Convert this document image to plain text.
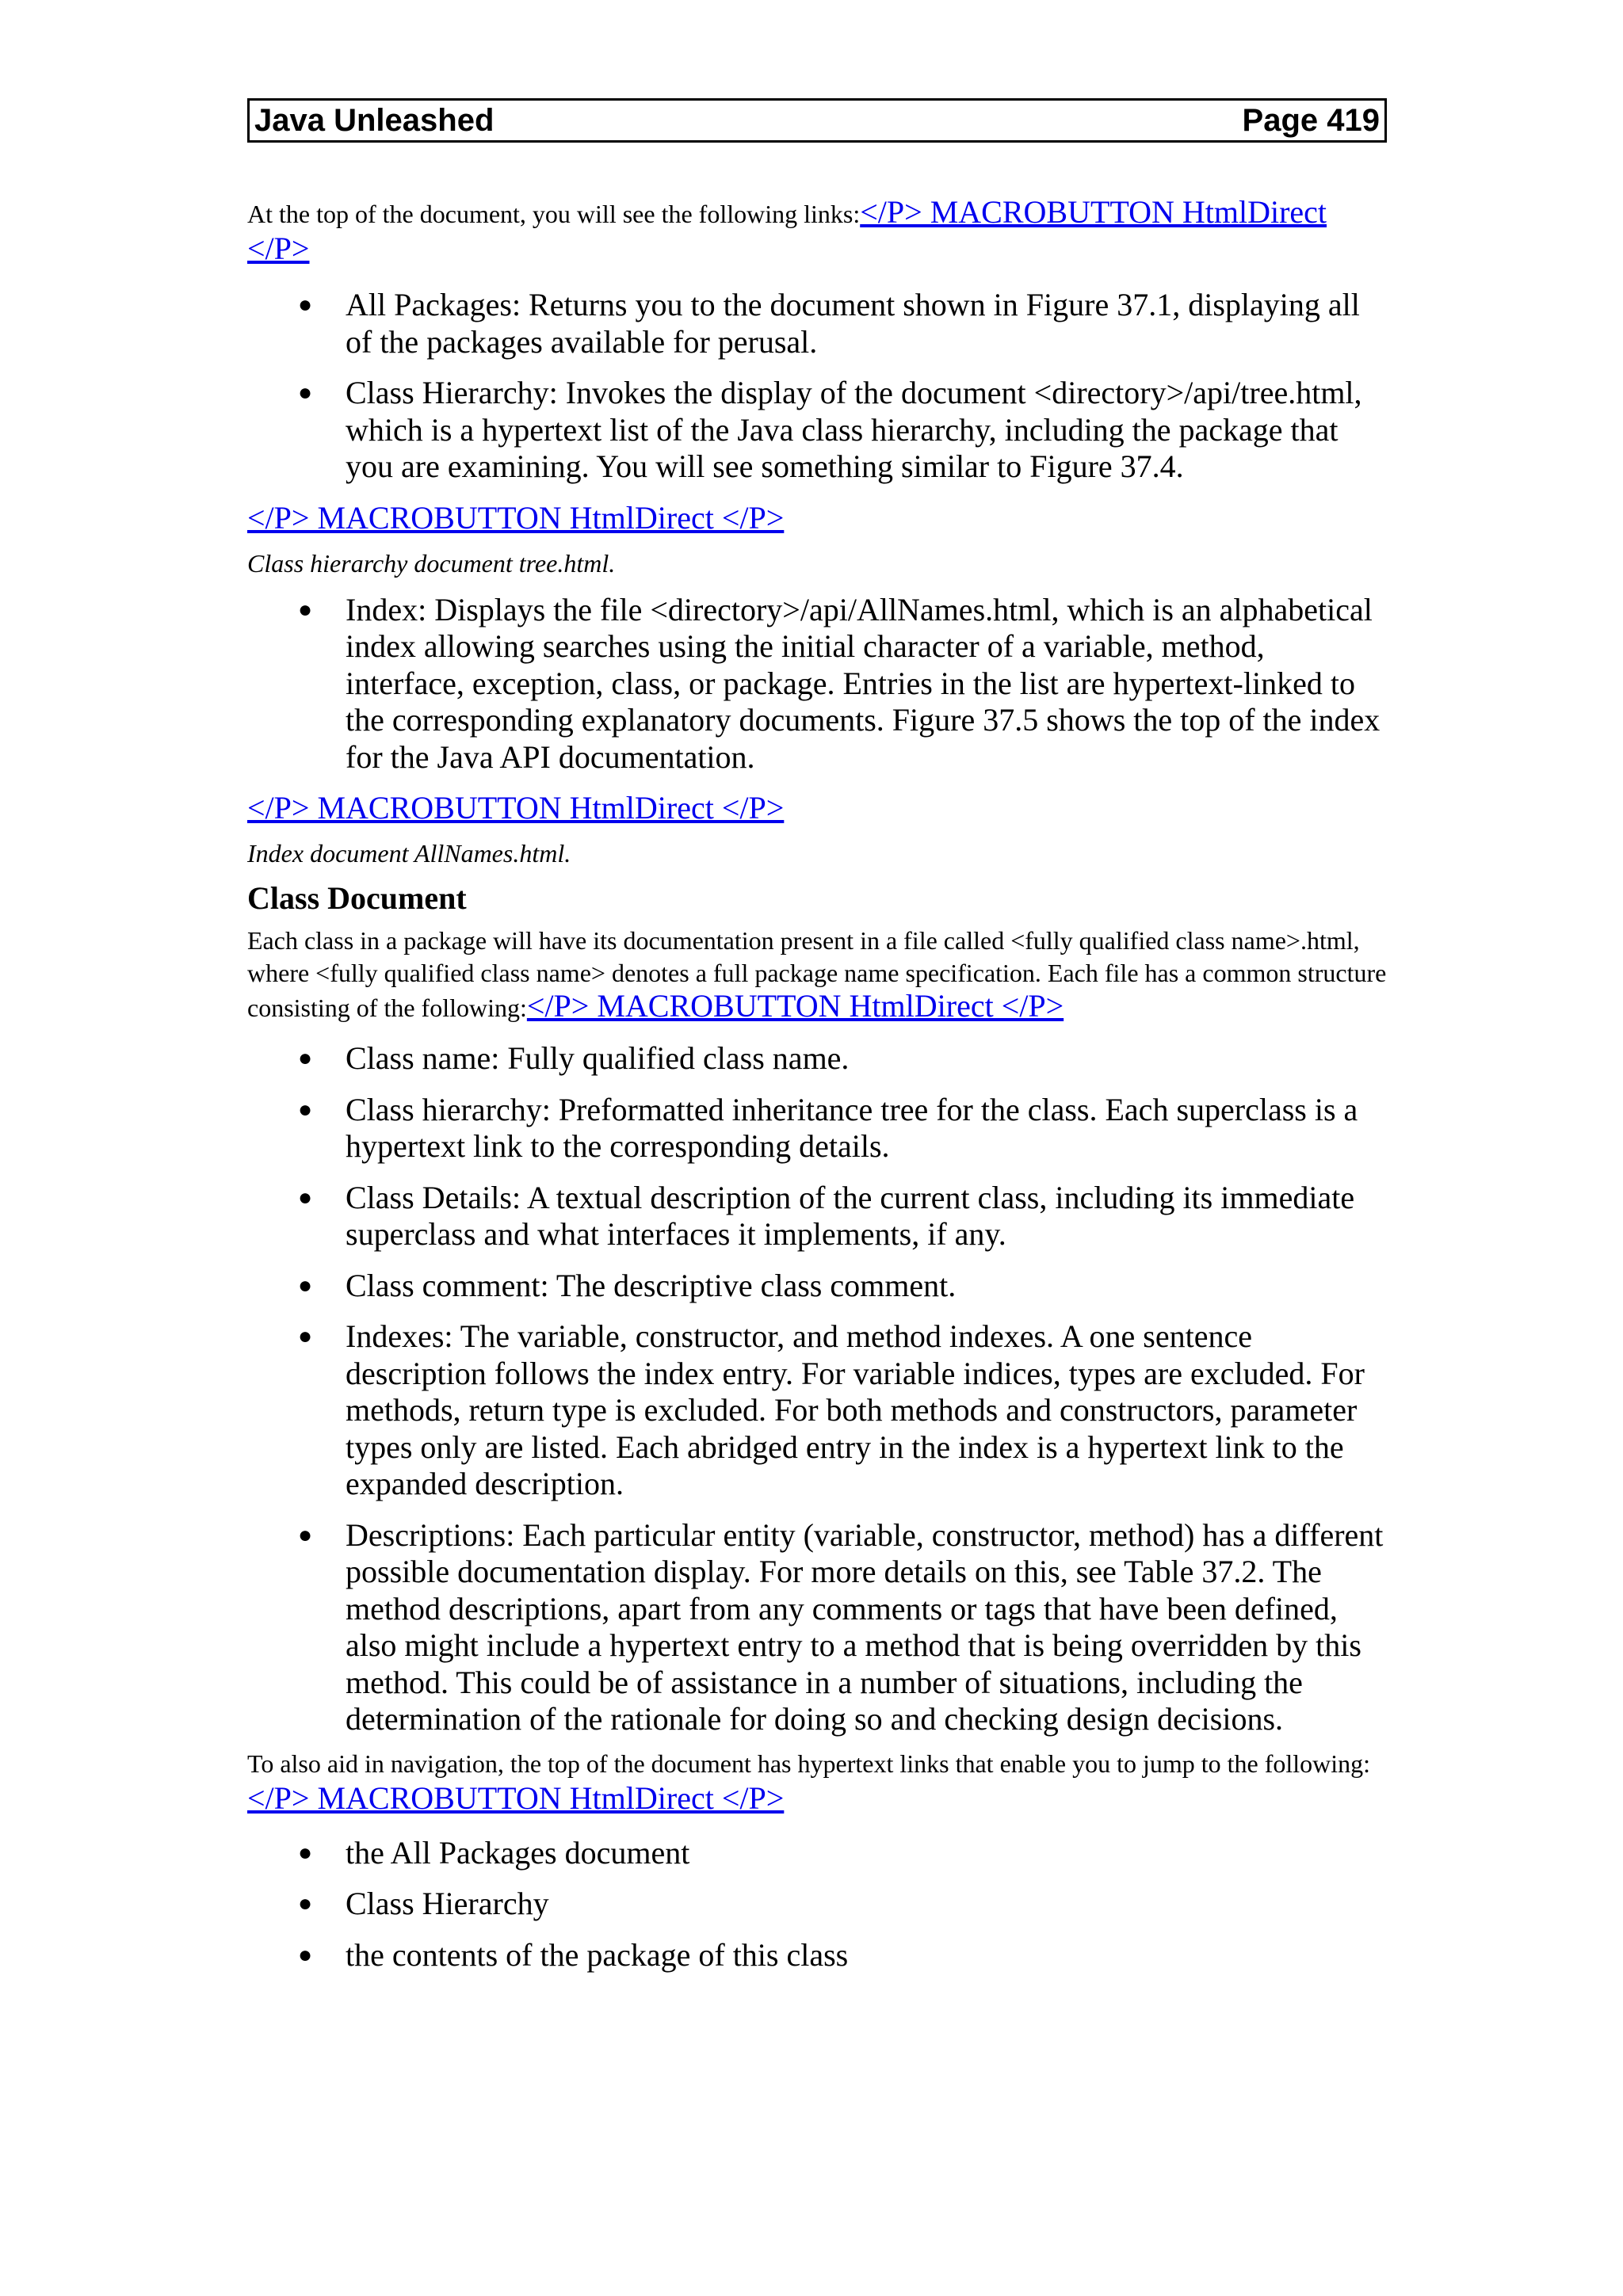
Java Unleashed	Page 419
At the top of the document, you will see the following links:</P> MACROBUTTON HtmlDirect </P>
● All Packages: Returns you to the document shown in Figure 37.1, displaying all of the packages available for perusal.
● Class Hierarchy: Invokes the display of the document <directory>/api/tree.html, which is a hypertext list of the Java class hierarchy, including the package that you are examining. You will see something similar to Figure 37.4.
</P> MACROBUTTON HtmlDirect </P>
Class hierarchy document tree.html.
● Index: Displays the file <directory>/api/AllNames.html, which is an alphabetical index allowing searches using the initial character of a variable, method, interface, exception, class, or package. Entries in the list are hypertext-linked to the corresponding explanatory documents. Figure 37.5 shows the top of the index for the Java API documentation.
</P> MACROBUTTON HtmlDirect </P>
Index document AllNames.html.
Class Document
Each class in a package will have its documentation present in a file called <fully qualified class name>.html, where <fully qualified class name> denotes a full package name specification. Each file has a common structure consisting of the following:</P> MACROBUTTON HtmlDirect </P>
● Class name: Fully qualified class name.
● Class hierarchy: Preformatted inheritance tree for the class. Each superclass is a hypertext link to the corresponding details.
● Class Details: A textual description of the current class, including its immediate superclass and what interfaces it implements, if any.
● Class comment: The descriptive class comment.
● Indexes: The variable, constructor, and method indexes. A one sentence description follows the index entry. For variable indices, types are excluded. For methods, return type is excluded. For both methods and constructors, parameter types only are listed. Each abridged entry in the index is a hypertext link to the expanded description.
● Descriptions: Each particular entity (variable, constructor, method) has a different possible documentation display. For more details on this, see Table 37.2. The method descriptions, apart from any comments or tags that have been defined, also might include a hypertext entry to a method that is being overridden by this method. This could be of assistance in a number of situations, including the determination of the rationale for doing so and checking design decisions.
To also aid in navigation, the top of the document has hypertext links that enable you to jump to the following:</P> MACROBUTTON HtmlDirect </P>
● the All Packages document
● Class Hierarchy
● the contents of the package of this class
